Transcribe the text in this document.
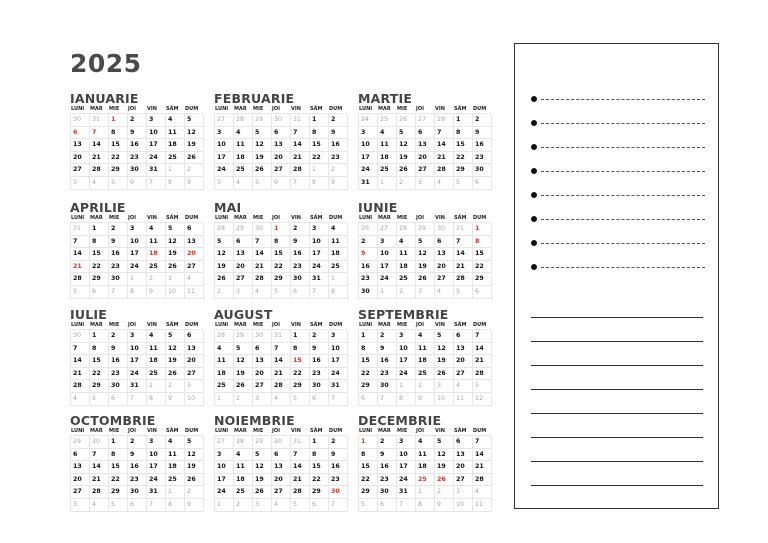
2025
IANUARIE
LUNI	MAR	MIE	JOI	VIN	SÂM	DUM
30	31	1	2	3	4	5
6	7	8	9	10	11	12
13	14	15	16	17	18	19
20	21	22	23	24	25	26
27	28	29	30	31	1	2
3	4	5	6	7	8	9
FEBRUARIE
LUNI	MAR	MIE	JOI	VIN	SÂM	DUM
27	28	29	30	31	1	2
3	4	5	6	7	8	9
10	11	12	13	14	15	16
17	18	19	20	21	22	23
24	25	26	27	28	1	2
3	4	5	6	7	8	9
MARTIE
LUNI	MAR	MIE	JOI	VIN	SÂM	DUM
24	25	26	27	28	1	2
3	4	5	6	7	8	9
10	11	12	13	14	15	16
17	18	19	20	21	22	23
24	25	26	27	28	29	30
31	1	2	3	4	5	6
APRILIE
LUNI	MAR	MIE	JOI	VIN	SÂM	DUM
31	1	2	3	4	5	6
7	8	9	10	11	12	13
14	15	16	17	18	19	20
21	22	23	24	25	26	27
28	29	30	1	2	3	4
5	6	7	8	9	10	11
MAI
LUNI	MAR	MIE	JOI	VIN	SÂM	DUM
28	29	30	1	2	3	4
5	6	7	8	9	10	11
12	13	14	15	16	17	18
19	20	21	22	23	24	25
26	27	28	29	30	31	1
2	3	4	5	6	7	8
IUNIE
LUNI	MAR	MIE	JOI	VIN	SÂM	DUM
26	27	28	29	30	31	1
2	3	4	5	6	7	8
9	10	11	12	13	14	15
16	17	18	19	20	21	22
23	24	25	26	27	28	29
30	1	2	3	4	5	6
IULIE
LUNI	MAR	MIE	JOI	VIN	SÂM	DUM
30	1	2	3	4	5	6
7	8	9	10	11	12	13
14	15	16	17	18	19	20
21	22	23	24	25	26	27
28	29	30	31	1	2	3
4	5	6	7	8	9	10
AUGUST
LUNI	MAR	MIE	JOI	VIN	SÂM	DUM
28	29	30	31	1	2	3
4	5	6	7	8	9	10
11	12	13	14	15	16	17
18	19	20	21	22	23	24
25	26	27	28	29	30	31
1	2	3	4	5	6	7
SEPTEMBRIE
LUNI	MAR	MIE	JOI	VIN	SÂM	DUM
1	2	3	4	5	6	7
8	9	10	11	12	13	14
15	16	17	18	19	20	21
22	23	24	25	26	27	28
29	30	1	2	3	4	5
6	7	8	9	10	11	12
OCTOMBRIE
LUNI	MAR	MIE	JOI	VIN	SÂM	DUM
29	30	1	2	3	4	5
6	7	8	9	10	11	12
13	14	15	16	17	18	19
20	21	22	23	24	25	26
27	28	29	30	31	1	2
3	4	5	6	7	8	9
NOIEMBRIE
LUNI	MAR	MIE	JOI	VIN	SÂM	DUM
27	28	29	30	31	1	2
3	4	5	6	7	8	9
10	11	12	13	14	15	16
17	18	19	20	21	22	23
24	25	26	27	28	29	30
1	2	3	4	5	6	7
DECEMBRIE
LUNI	MAR	MIE	JOI	VIN	SÂM	DUM
1	2	3	4	5	6	7
8	9	10	11	12	13	14
15	16	17	18	19	20	21
22	23	24	25	26	27	28
29	30	31	1	2	3	4
5	6	7	8	9	10	11
